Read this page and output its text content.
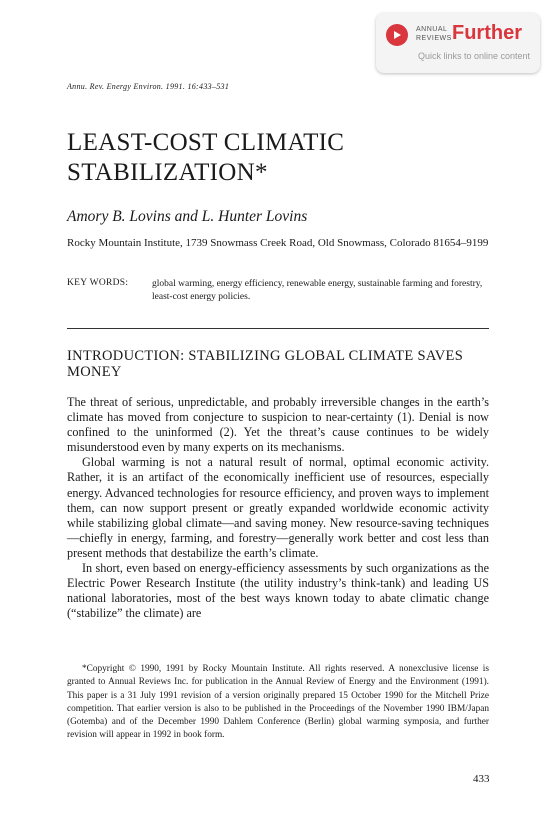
ANNUAL
REVIEWS Further
Quick links to online content
Annu. Rev. Energy Environ. 1991. 16:433–531
LEAST-COST CLIMATIC STABILIZATION*
Amory B. Lovins and L. Hunter Lovins
Rocky Mountain Institute, 1739 Snowmass Creek Road, Old Snowmass, Colorado 81654–9199
KEY WORDS: global warming, energy efficiency, renewable energy, sustainable farming and forestry, least-cost energy policies.
INTRODUCTION: STABILIZING GLOBAL CLIMATE SAVES MONEY

The threat of serious, unpredictable, and probably irreversible changes in the earth’s climate has moved from conjecture to suspicion to near-certainty (1). Denial is now confined to the uninformed (2). Yet the threat’s cause continues to be widely misunderstood even by many experts on its mechanisms.

Global warming is not a natural result of normal, optimal economic activity. Rather, it is an artifact of the economically inefficient use of resources, especially energy. Advanced technologies for resource efficiency, and proven ways to implement them, can now support present or greatly expanded worldwide economic activity while stabilizing global climate—and saving money. New resource-saving techniques—chiefly in energy, farming, and forestry—generally work better and cost less than present methods that destabilize the earth’s climate.

In short, even based on energy-efficiency assessments by such organizations as the Electric Power Research Institute (the utility industry’s think-tank) and leading US national laboratories, most of the best ways known today to abate climatic change (“stabilize” the climate) are

*Copyright © 1990, 1991 by Rocky Mountain Institute. All rights reserved. A nonexclusive license is granted to Annual Reviews Inc. for publication in the Annual Review of Energy and the Environment (1991). This paper is a 31 July 1991 revision of a version originally prepared 15 October 1990 for the Mitchell Prize competition. That earlier version is also to be published in the Proceedings of the November 1990 IBM/Japan (Gotemba) and of the December 1990 Dahlem Conference (Berlin) global warming symposia, and further revision will appear in 1992 in book form.

433
